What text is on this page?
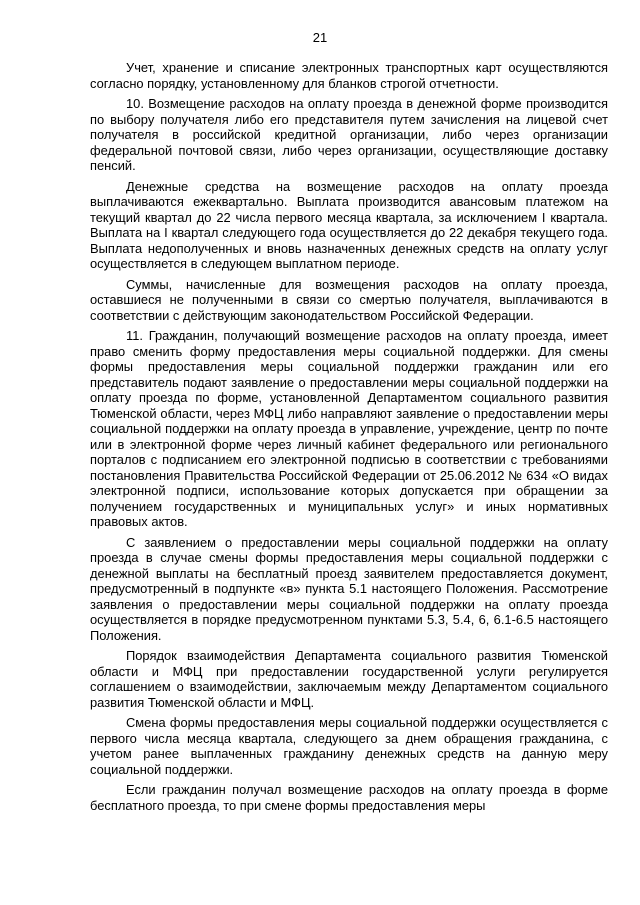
21

Учет, хранение и списание электронных транспортных карт осуществляются согласно порядку, установленному для бланков строгой отчетности.

10. Возмещение расходов на оплату проезда в денежной форме производится по выбору получателя либо его представителя путем зачисления на лицевой счет получателя в российской кредитной организации, либо через организации федеральной почтовой связи, либо через организации, осуществляющие доставку пенсий.

Денежные средства на возмещение расходов на оплату проезда выплачиваются ежеквартально. Выплата производится авансовым платежом на текущий квартал до 22 числа первого месяца квартала, за исключением I квартала. Выплата на I квартал следующего года осуществляется до 22 декабря текущего года. Выплата недополученных и вновь назначенных денежных средств на оплату услуг осуществляется в следующем выплатном периоде.

Суммы, начисленные для возмещения расходов на оплату проезда, оставшиеся не полученными в связи со смертью получателя, выплачиваются в соответствии с действующим законодательством Российской Федерации.

11. Гражданин, получающий возмещение расходов на оплату проезда, имеет право сменить форму предоставления меры социальной поддержки. Для смены формы предоставления меры социальной поддержки гражданин или его представитель подают заявление о предоставлении меры социальной поддержки на оплату проезда по форме, установленной Департаментом социального развития Тюменской области, через МФЦ либо направляют заявление о предоставлении меры социальной поддержки на оплату проезда в управление, учреждение, центр по почте или в электронной форме через личный кабинет федерального или регионального порталов с подписанием его электронной подписью в соответствии с требованиями постановления Правительства Российской Федерации от 25.06.2012 № 634 «О видах электронной подписи, использование которых допускается при обращении за получением государственных и муниципальных услуг» и иных нормативных правовых актов.

С заявлением о предоставлении меры социальной поддержки на оплату проезда в случае смены формы предоставления меры социальной поддержки с денежной выплаты на бесплатный проезд заявителем предоставляется документ, предусмотренный в подпункте «в» пункта 5.1 настоящего Положения. Рассмотрение заявления о предоставлении меры социальной поддержки на оплату проезда осуществляется в порядке предусмотренном пунктами 5.3, 5.4, 6, 6.1-6.5 настоящего Положения.

Порядок взаимодействия Департамента социального развития Тюменской области и МФЦ при предоставлении государственной услуги регулируется соглашением о взаимодействии, заключаемым между Департаментом социального развития Тюменской области и МФЦ.

Смена формы предоставления меры социальной поддержки осуществляется с первого числа месяца квартала, следующего за днем обращения гражданина, с учетом ранее выплаченных гражданину денежных средств на данную меру социальной поддержки.

Если гражданин получал возмещение расходов на оплату проезда в форме бесплатного проезда, то при смене формы предоставления меры
